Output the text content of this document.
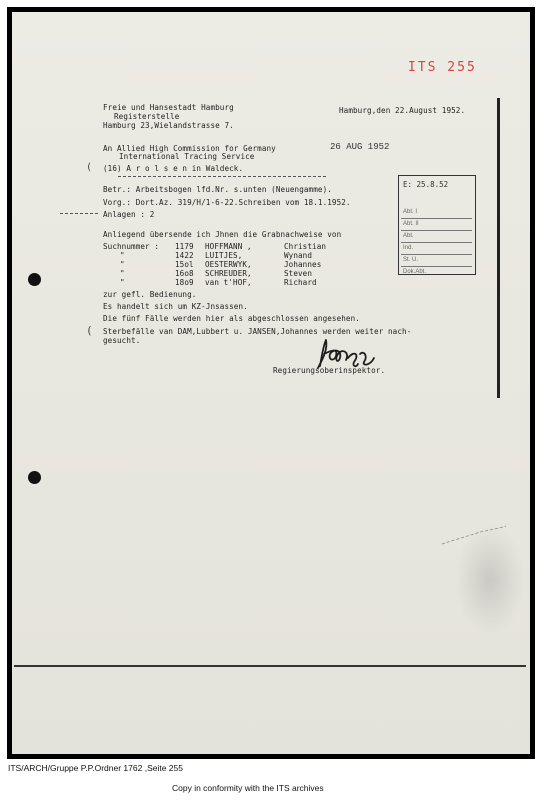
ITS 255
Freie und Hansestadt Hamburg
Registerstelle
Hamburg 23,Wielandstrasse 7.
Hamburg,den 22.August 1952.
An Allied High Commission for Germany
International Tracing Service
(16) A r o l s e n in Waldeck.
26 AUG 1952
Betr.: Arbeitsbogen lfd.Nr. s.unten (Neuengamme).
Vorg.: Dort.Az. 319/H/1-6-22.Schreiben vom 18.1.1952.
Anlagen : 2
E: 25.8.52
Abt. I
Abt. II
Abt.
Ind.
St. U.
Dok.Abt.
Anliegend übersende ich Jhnen die Grabnachweise von
Suchnummer : 1179 HOFFMANN ,	Christian
"	1422 LUITJES,	Wynand
"	15ol OESTERWYK,	Johannes
"	16o8 SCHREUDER,	Steven
"	18o9 van t'HOF,	Richard
zur gefl. Bedienung.
Es handelt sich um KZ-Jnsassen.
Die fünf Fälle werden hier als abgeschlossen angesehen.
Sterbefälle van DAM,Lubbert u. JANSEN,Johannes werden weiter nach-
gesucht.
(
(
Regierungsoberinspektor.
ITS/ARCH/Gruppe P.P.Ordner 1762 ,Seite 255
Copy in conformity with the ITS archives
